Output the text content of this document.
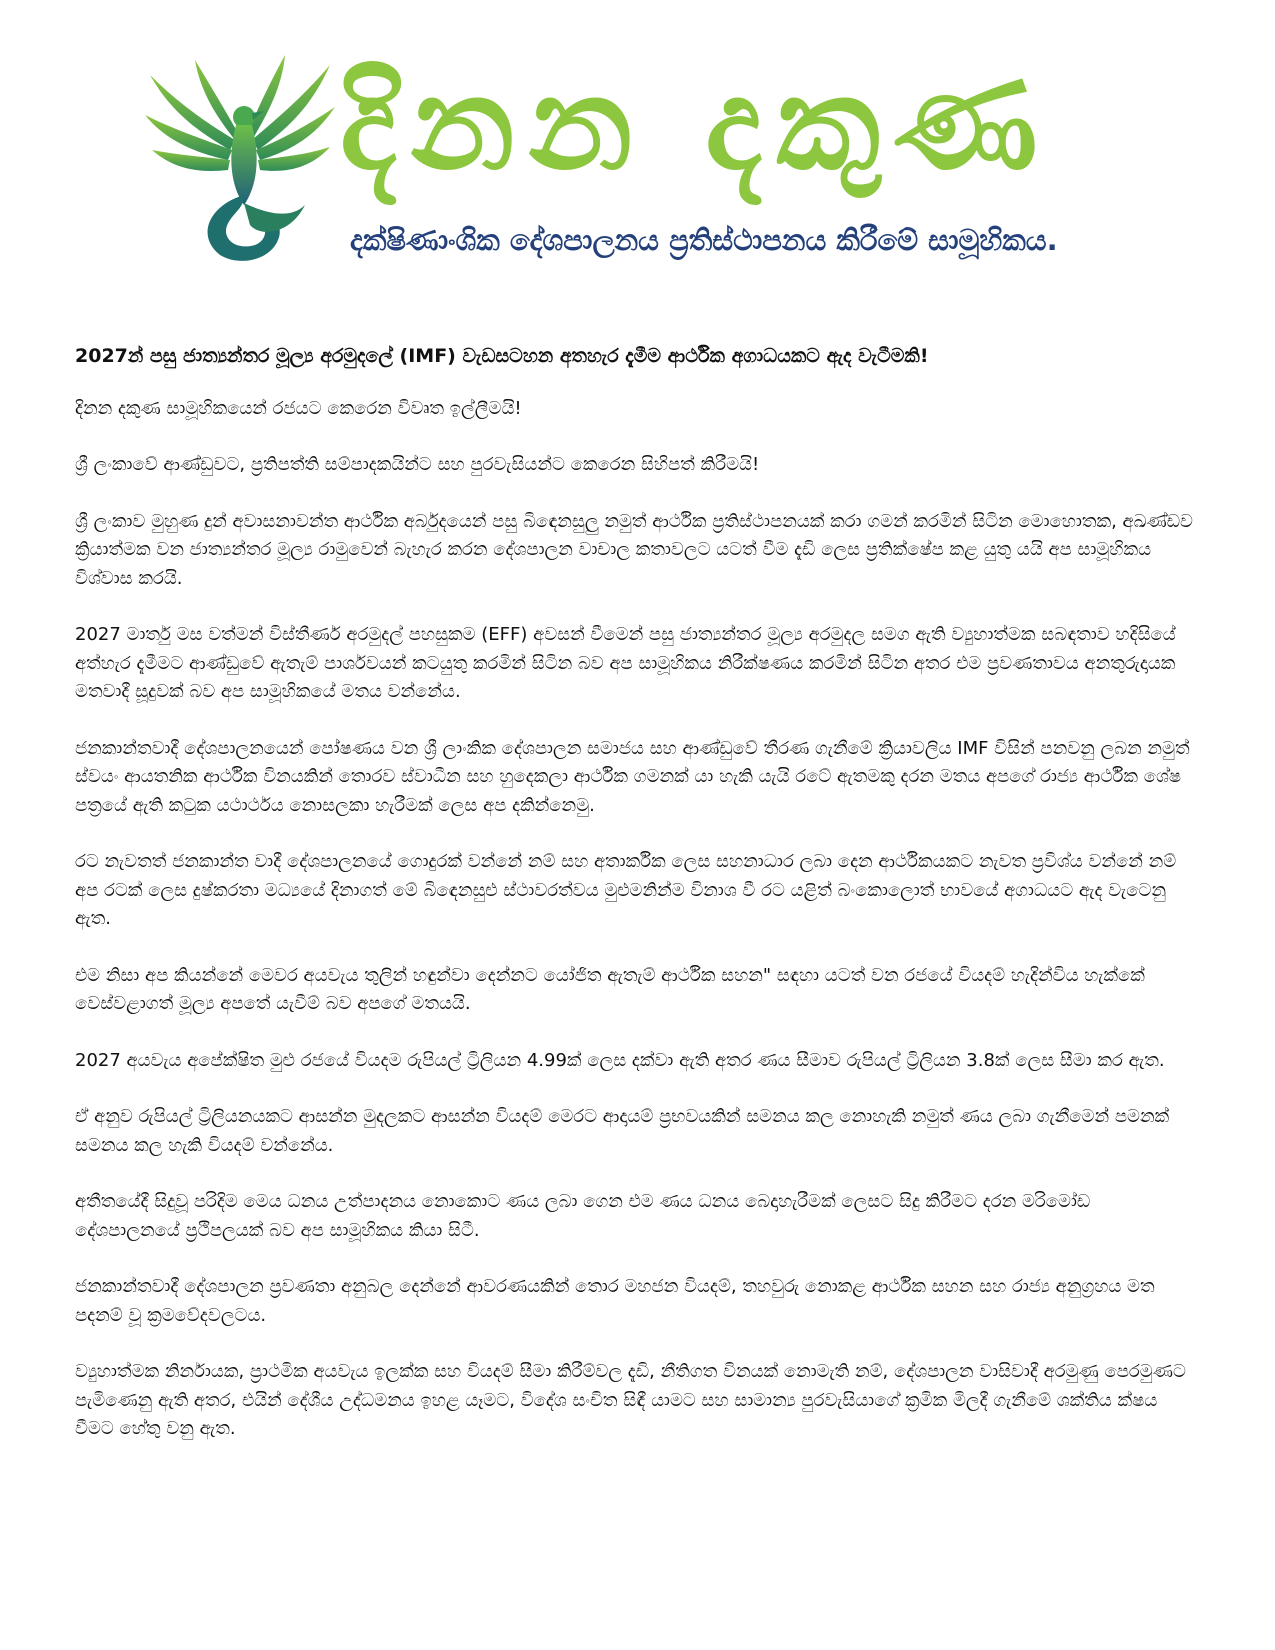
දිනන දකුණ
දක්ෂිණාංශික දේශපාලනය ප්‍රතිස්ථාපනය කිරීමේ සාමූහිකය.

2027න් පසු ජාත්‍යන්තර මූල්‍ය අරමුදලේ (IMF) වැඩසටහන අතහැර දැමීම ආර්ථික අගාධයකට ඇද වැටීමකි!

දිනන දකුණ සාමූහිකයෙන් රජයට කෙරෙන විවෘත ඉල්ලීමයි!

ශ්‍රී ලංකාවේ ආණ්ඩුවට, ප්‍රතිපත්ති සම්පාදකයින්ට සහ පුරවැසියන්ට කෙරෙන සිහිපත් කිරීමයි!

ශ්‍රී ලංකාව මුහුණ දුන් අවාසනාවන්ත ආර්ථික අර්බුදයෙන් පසු බිඳෙනසුලු නමුත් ආර්ථික ප්‍රතිස්ථාපනයක් කරා ගමන් කරමින් සිටින මොහොතක, අඛණ්ඩව ක්‍රියාත්මක වන ජාත්‍යන්තර මූල්‍ය රාමුවෙන් බැහැර කරන දේශපාලන වාචාල කතාවලට යටත් වීම දැඩි ලෙස ප්‍රතික්ෂේප කළ යුතු යයි අප සාමූහිකය විශ්වාස කරයි.

2027 මාර්තු මස වත්මන් විස්තීර්ණ අරමුදල් පහසුකම (EFF) අවසන් වීමෙන් පසු ජාත්‍යන්තර මූල්‍ය අරමුදල සමග ඇති ව්‍යුහාත්මක සබඳතාව හදිසියේ අත්හැර දැමීමට ආණ්ඩුවේ ඇතැම් පාර්ශවයන් කටයුතු කරමින් සිටින බව අප සාමූහිකය නිරීක්ෂණය කරමින් සිටින අතර එම ප්‍රවණතාවය අනතුරුදායක මතවාදී සූදුවක් බව අප සාමූහිකයේ මතය වන්නේය.

ජනකාන්තවාදී දේශපාලනයෙන් පෝෂණය වන ශ්‍රී ලාංකික දේශපාලන සමාජය සහ ආණ්ඩුවේ තීරණ ගැනීමේ ක්‍රියාවලිය IMF විසින් පනවනු ලබන නමුත් ස්වයං ආයතනික ආර්ථික විනයකින් තොරව ස්වාධීන සහ හුදෙකලා ආර්ථික ගමනක් යා හැකි යැයි රටේ ඇතමකු දරන මතය අපගේ රාජ්‍ය ආර්ථික ශේෂ පත්‍රයේ ඇති කටුක යථාර්ථය නොසලකා හැරීමක් ලෙස අප දකින්නෙමු.

රට නැවතත් ජනකාන්ත වාදී දේශපාලනයේ ගොදුරක් වන්නේ නම් සහ අතාර්කික ලෙස සහනාධාර ලබා දෙන ආර්ථිකයකට නැවත ප්‍රවිශ්ය වන්නේ නම් අප රටක් ලෙස දුෂ්කරතා මධ්‍යයේ දිනාගත් මේ බිඳෙනසුළු ස්ථාවරත්වය මුළුමනින්ම විනාශ වී රට යළිත් බංකොලොත් භාවයේ අගාධයට ඇද වැටෙනු ඇත.

එම නිසා අප කියන්නේ මෙවර අයවැය තුලින් හඳුන්වා දෙන්නට යෝජිත ඇතැම් ආර්ථික සහන" සඳහා යටත් වන රජයේ වියදම් හැදින්විය හැක්කේ වෙස්වළාගත් මූල්‍ය අපතේ යැවීම් බව අපගේ මතයයි.

2027 අයවැය අපේක්ෂිත මුළු රජයේ වියදම රුපියල් ට්‍රිලියන 4.99ක් ලෙස දක්වා ඇති අතර ණය සීමාව රුපියල් ට්‍රිලියන 3.8ක් ලෙස සීමා කර ඇත.

ඒ අනුව රුපියල් ට්‍රිලියනයකට ආසන්න මුදලකට ආසන්න වියදම් මෙරට ආදායම් ප්‍රභවයකින් සමනය කල නොහැකි නමුත් ණය ලබා ගැනීමෙන් පමනක් සමනය කල හැකි වියදම් වන්නේය.

අතීතයේදී සිදුවූ පරිදිම මෙය ධනය උත්පාදනය නොකොට ණය ලබා ගෙන එම ණය ධනය බෙදාහැරීමක් ලෙසට සිදු කිරීමට දරන මරිමෝඩ දේශපාලනයේ ප්‍රථිපලයක් බව අප සාමූහිකය කියා සිටී.

ජනකාන්තවාදී දේශපාලන ප්‍රවණතා අනුබල දෙන්නේ ආවරණයකින් තොර මහජන වියදම්, තහවුරු නොකළ ආර්ථික සහන සහ රාජ්‍ය අනුග්‍රහය මත පදනම් වූ ක්‍රමවේදවලටය.

ව්‍යුහාත්මක නිර්නායක, ප්‍රාථමික අයවැය ඉලක්ක සහ වියදම් සීමා කිරීම්වල දැඩි, නීතිගත විනයක් නොමැති නම්, දේශපාලන වාසිවාදී අරමුණු පෙරමුණට පැමිණෙනු ඇති අතර, එයින් දේශීය උද්ධමනය ඉහළ යෑමට, විදේශ සංචිත සිඳී යාමට සහ සාමාන්‍ය පුරවැසියාගේ ක්‍රමික මිලදී ගැනීමේ ශක්තිය ක්ෂය වීමට හේතු වනු ඇත.
